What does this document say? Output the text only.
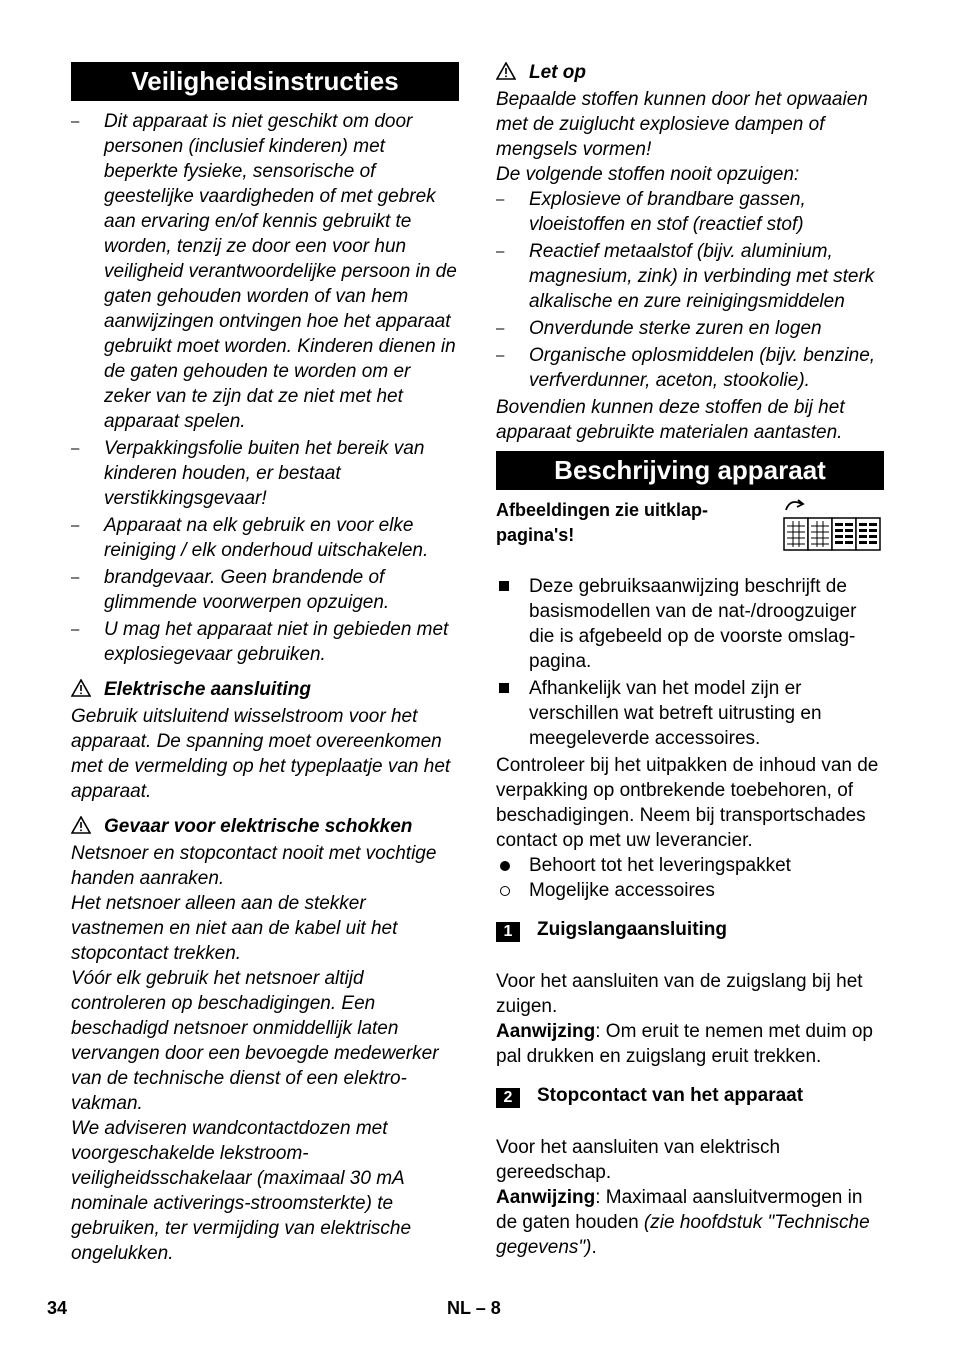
Veiligheidsinstructies
– Dit apparaat is niet geschikt om door personen (inclusief kinderen) met beperkte fysieke, sensorische of geestelijke vaardigheden of met gebrek aan ervaring en/of kennis gebruikt te worden, tenzij ze door een voor hun veiligheid verantwoordelijke persoon in de gaten gehouden worden of van hem aanwijzingen ontvingen hoe het apparaat gebruikt moet worden. Kinderen dienen in de gaten gehouden te worden om er zeker van te zijn dat ze niet met het apparaat spelen.
– Verpakkingsfolie buiten het bereik van kinderen houden, er bestaat verstikkingsgevaar!
– Apparaat na elk gebruik en voor elke reiniging / elk onderhoud uitschakelen.
– brandgevaar. Geen brandende of glimmende voorwerpen opzuigen.
– U mag het apparaat niet in gebieden met explosiegevaar gebruiken.
Elektrische aansluiting

Gebruik uitsluitend wisselstroom voor het apparaat. De spanning moet overeenkomen met de vermelding op het typeplaatje van het apparaat.

Gevaar voor elektrische schokken

Netsnoer en stopcontact nooit met vochtige handen aanraken.

Het netsnoer alleen aan de stekker vastnemen en niet aan de kabel uit het stopcontact trekken.

Vóór elk gebruik het netsnoer altijd controleren op beschadigingen. Een beschadigd netsnoer onmiddellijk laten vervangen door een bevoegde medewerker van de technische dienst of een elektro-vakman.

We adviseren wandcontactdozen met voorgeschakelde lekstroom-veiligheidsschakelaar (maximaal 30 mA nominale activerings-stroomsterkte) te gebruiken, ter vermijding van elektrische ongelukken.

Let op

Bepaalde stoffen kunnen door het opwaaien met de zuiglucht explosieve dampen of mengsels vormen!

De volgende stoffen nooit opzuigen:

– Explosieve of brandbare gassen, vloeistoffen en stof (reactief stof)
– Reactief metaalstof (bijv. aluminium, magnesium, zink) in verbinding met sterk alkalische en zure reinigingsmiddelen
– Onverdunde sterke zuren en logen
– Organische oplosmiddelen (bijv. benzine, verfverdunner, aceton, stookolie).

Bovendien kunnen deze stoffen de bij het apparaat gebruikte materialen aantasten.

Beschrijving apparaat

Afbeeldingen zie uitklap-pagina's!

Deze gebruiksaanwijzing beschrijft de basismodellen van de nat-/droogzuiger die is afgebeeld op de voorste omslag-pagina.
Afhankelijk van het model zijn er verschillen wat betreft uitrusting en meegeleverde accessoires.

Controleer bij het uitpakken de inhoud van de verpakking op ontbrekende toebehoren, of beschadigingen. Neem bij transportschades contact op met uw leverancier.

Behoort tot het leveringspakket
Mogelijke accessoires
1	Zuigslangaansluiting

Voor het aansluiten van de zuigslang bij het zuigen.

Aanwijzing: Om eruit te nemen met duim op pal drukken en zuigslang eruit trekken.

2	Stopcontact van het apparaat

Voor het aansluiten van elektrisch gereedschap.

Aanwijzing: Maximaal aansluitvermogen in de gaten houden (zie hoofdstuk "Technische gegevens").

34	NL – 8
